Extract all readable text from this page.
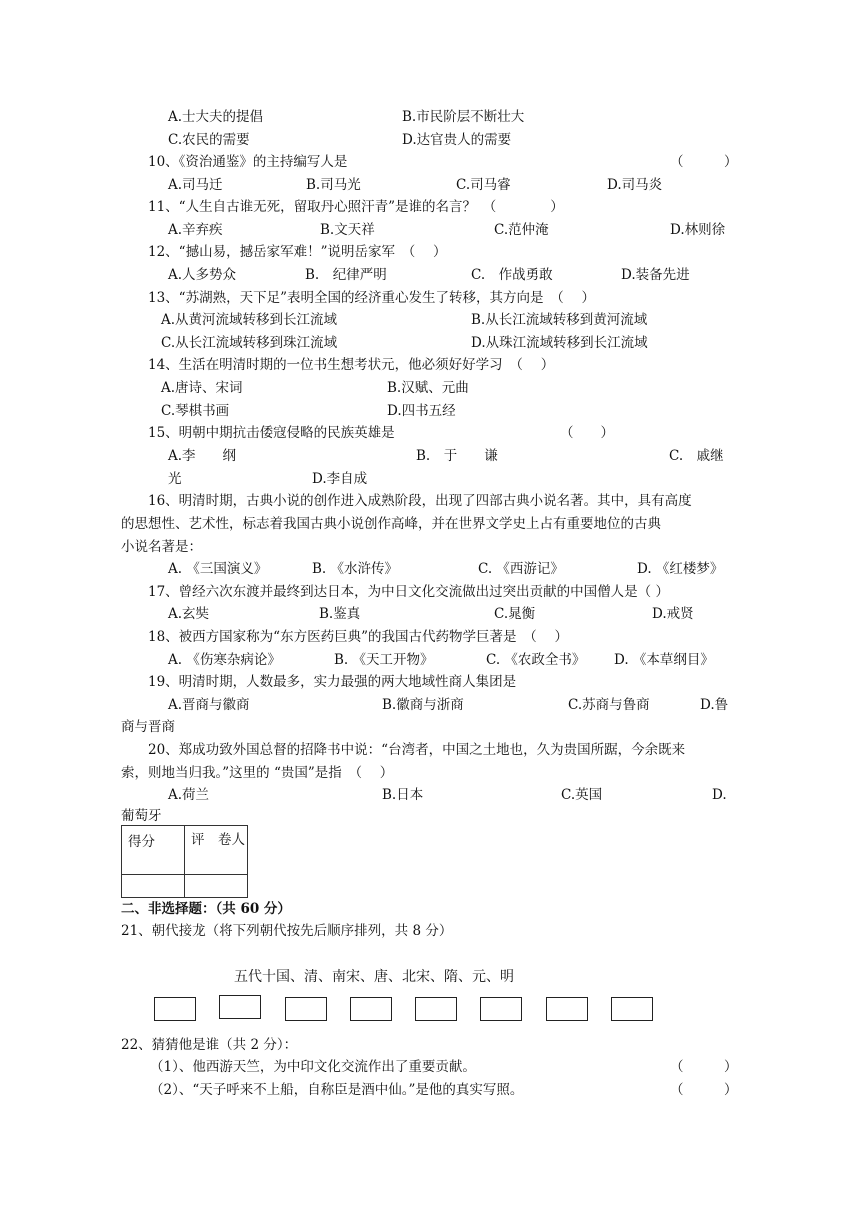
A.士大夫的提倡	B.市民阶层不断壮大
C.农民的需要	D.达官贵人的需要
10、《资治通鉴》的主持编写人是	（　　　）
A.司马迁	B.司马光	C.司马睿	D.司马炎
11、“人生自古谁无死，留取丹心照汗青”是谁的名言？　（　　　　）
A.辛弃疾	B.文天祥	C.范仲淹	D.林则徐
12、“撼山易，撼岳家军难！”说明岳家军　（　 ）
A.人多势众	B.　纪律严明	C.　作战勇敢	D.装备先进
13、“苏湖熟，天下足”表明全国的经济重心发生了转移，其方向是　（　 ）
A.从黄河流域转移到长江流域	B.从长江流域转移到黄河流域
C.从长江流域转移到珠江流域	D.从珠江流域转移到长江流域
14、生活在明清时期的一位书生想考状元，他必须好好学习　（　 ）
A.唐诗、宋词	B.汉赋、元曲
C.琴棋书画	D.四书五经
15、明朝中期抗击倭寇侵略的民族英雄是	（　　）
A.李　　纲	B.　于　　谦	C.　戚继
光	D.李自成
16、明清时期，古典小说的创作进入成熟阶段，出现了四部古典小说名著。其中，具有高度
的思想性、艺术性，标志着我国古典小说创作高峰，并在世界文学史上占有重要地位的古典
小说名著是：
A. 《三国演义》	B. 《水浒传》	C. 《西游记》	D. 《红楼梦》
17、曾经六次东渡并最终到达日本，为中日文化交流做出过突出贡献的中国僧人是（ ）
A.玄奘	B.鉴真	C.晁衡	D.戒贤
18、被西方国家称为“东方医药巨典”的我国古代药物学巨著是　（　 ）
A. 《伤寒杂病论》	B. 《天工开物》	C. 《农政全书》 D. 《本草纲目》
19、明清时期，人数最多，实力最强的两大地域性商人集团是
A.晋商与徽商	B.徽商与浙商	C.苏商与鲁商	D.鲁
商与晋商
20、郑成功致外国总督的招降书中说：“台湾者，中国之土地也，久为贵国所踞，今余既来
索，则地当归我。”这里的 “贵国”是指　（　 ）
A.荷兰	B.日本	C.英国	D.
葡萄牙
得分	评　卷人

二、非选择题：（共 60 分）
21、朝代接龙（将下列朝代按先后顺序排列，共 8 分）
五代十国、清、南宋、唐、北宋、隋、元、明
22、猜猜他是谁（共 2 分）：
（1）、他西游天竺，为中印文化交流作出了重要贡献。	（　　　）
（2）、“天子呼来不上船，自称臣是酒中仙。”是他的真实写照。	（　　　）
